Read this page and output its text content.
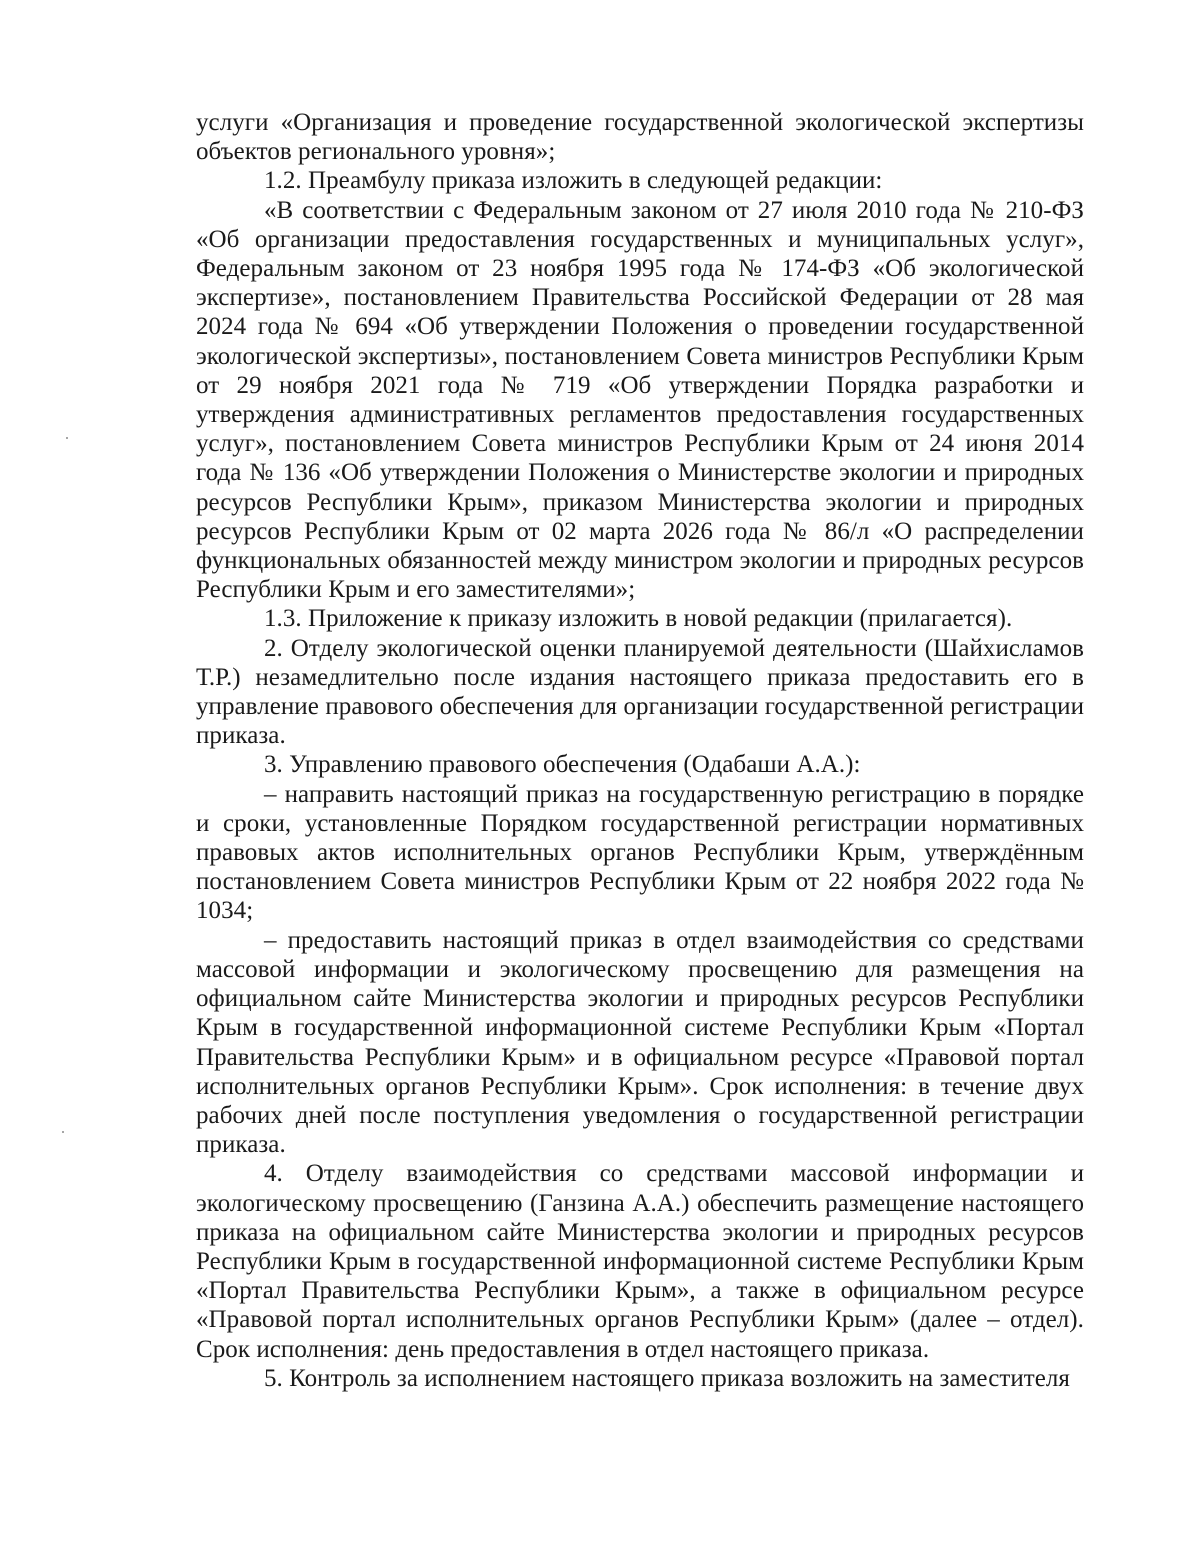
услуги «Организация и проведение государственной экологической экспертизы объектов регионального уровня»;

1.2. Преамбулу приказа изложить в следующей редакции:

«В соответствии с Федеральным законом от 27 июля 2010 года № 210-ФЗ «Об организации предоставления государственных и муниципальных услуг», Федеральным законом от 23 ноября 1995 года № 174-ФЗ «Об экологической экспертизе», постановлением Правительства Российской Федерации от 28 мая 2024 года № 694 «Об утверждении Положения о проведении государственной экологической экспертизы», постановлением Совета министров Республики Крым от 29 ноября 2021 года № 719 «Об утверждении Порядка разработки и утверждения административных регламентов предоставления государственных услуг», постановлением Совета министров Республики Крым от 24 июня 2014 года № 136 «Об утверждении Положения о Министерстве экологии и природных ресурсов Республики Крым», приказом Министерства экологии и природных ресурсов Республики Крым от 02 марта 2026 года № 86/л «О распределении функциональных обязанностей между министром экологии и природных ресурсов Республики Крым и его заместителями»;

1.3. Приложение к приказу изложить в новой редакции (прилагается).

2. Отделу экологической оценки планируемой деятельности (Шайхисламов Т.Р.) незамедлительно после издания настоящего приказа предоставить его в управление правового обеспечения для организации государственной регистрации приказа.

3. Управлению правового обеспечения (Одабаши А.А.):

– направить настоящий приказ на государственную регистрацию в порядке и сроки, установленные Порядком государственной регистрации нормативных правовых актов исполнительных органов Республики Крым, утверждённым постановлением Совета министров Республики Крым от 22 ноября 2022 года № 1034;

– предоставить настоящий приказ в отдел взаимодействия со средствами массовой информации и экологическому просвещению для размещения на официальном сайте Министерства экологии и природных ресурсов Республики Крым в государственной информационной системе Республики Крым «Портал Правительства Республики Крым» и в официальном ресурсе «Правовой портал исполнительных органов Республики Крым». Срок исполнения: в течение двух рабочих дней после поступления уведомления о государственной регистрации приказа.

4. Отделу взаимодействия со средствами массовой информации и экологическому просвещению (Ганзина А.А.) обеспечить размещение настоящего приказа на официальном сайте Министерства экологии и природных ресурсов Республики Крым в государственной информационной системе Республики Крым «Портал Правительства Республики Крым», а также в официальном ресурсе «Правовой портал исполнительных органов Республики Крым» (далее – отдел). Срок исполнения: день предоставления в отдел настоящего приказа.

5. Контроль за исполнением настоящего приказа возложить на заместителя
